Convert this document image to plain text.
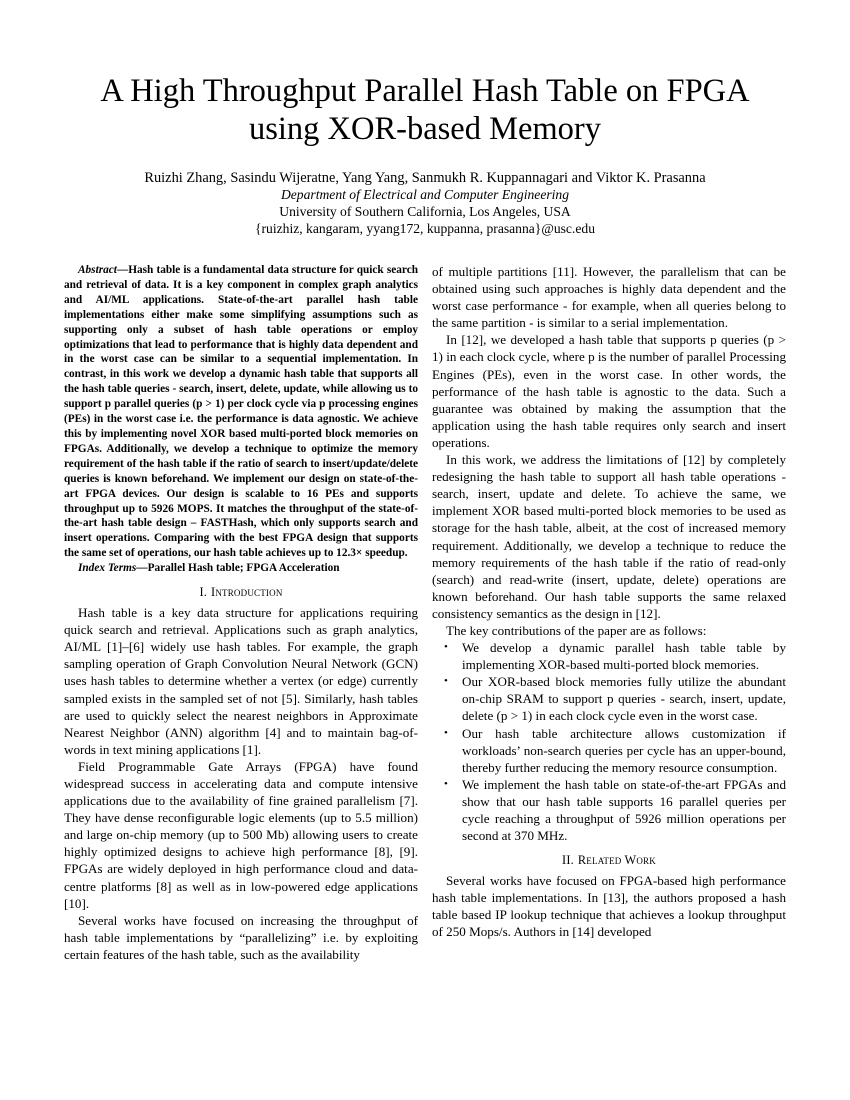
A High Throughput Parallel Hash Table on FPGA
using XOR-based Memory

Ruizhi Zhang, Sasindu Wijeratne, Yang Yang, Sanmukh R. Kuppannagari and Viktor K. Prasanna

Department of Electrical and Computer Engineering

University of Southern California, Los Angeles, USA

{ruizhiz, kangaram, yyang172, kuppanna, prasanna}@usc.edu

Abstract—Hash table is a fundamental data structure for quick search and retrieval of data. It is a key component in complex graph analytics and AI/ML applications. State-of-the-art parallel hash table implementations either make some simplifying assumptions such as supporting only a subset of hash table operations or employ optimizations that lead to performance that is highly data dependent and in the worst case can be similar to a sequential implementation. In contrast, in this work we develop a dynamic hash table that supports all the hash table queries - search, insert, delete, update, while allowing us to support p parallel queries (p > 1) per clock cycle via p processing engines (PEs) in the worst case i.e. the performance is data agnostic. We achieve this by implementing novel XOR based multi-ported block memories on FPGAs. Additionally, we develop a technique to optimize the memory requirement of the hash table if the ratio of search to insert/update/delete queries is known beforehand. We implement our design on state-of-the-art FPGA devices. Our design is scalable to 16 PEs and supports throughput up to 5926 MOPS. It matches the throughput of the state-of-the-art hash table design – FASTHash, which only supports search and insert operations. Comparing with the best FPGA design that supports the same set of operations, our hash table achieves up to 12.3× speedup.

Index Terms—Parallel Hash table; FPGA Acceleration

I. Introduction

Hash table is a key data structure for applications requiring quick search and retrieval. Applications such as graph analytics, AI/ML [1]–[6] widely use hash tables. For example, the graph sampling operation of Graph Convolution Neural Network (GCN) uses hash tables to determine whether a vertex (or edge) currently sampled exists in the sampled set of not [5]. Similarly, hash tables are used to quickly select the nearest neighbors in Approximate Nearest Neighbor (ANN) algorithm [4] and to maintain bag-of-words in text mining applications [1].

Field Programmable Gate Arrays (FPGA) have found widespread success in accelerating data and compute intensive applications due to the availability of fine grained parallelism [7]. They have dense reconfigurable logic elements (up to 5.5 million) and large on-chip memory (up to 500 Mb) allowing users to create highly optimized designs to achieve high performance [8], [9]. FPGAs are widely deployed in high performance cloud and data-centre platforms [8] as well as in low-powered edge applications [10].

Several works have focused on increasing the throughput of hash table implementations by “parallelizing” i.e. by exploiting certain features of the hash table, such as the availability

of multiple partitions [11]. However, the parallelism that can be obtained using such approaches is highly data dependent and the worst case performance - for example, when all queries belong to the same partition - is similar to a serial implementation.

In [12], we developed a hash table that supports p queries (p > 1) in each clock cycle, where p is the number of parallel Processing Engines (PEs), even in the worst case. In other words, the performance of the hash table is agnostic to the data. Such a guarantee was obtained by making the assumption that the application using the hash table requires only search and insert operations.

In this work, we address the limitations of [12] by completely redesigning the hash table to support all hash table operations - search, insert, update and delete. To achieve the same, we implement XOR based multi-ported block memories to be used as storage for the hash table, albeit, at the cost of increased memory requirement. Additionally, we develop a technique to reduce the memory requirements of the hash table if the ratio of read-only (search) and read-write (insert, update, delete) operations are known beforehand. Our hash table supports the same relaxed consistency semantics as the design in [12].

The key contributions of the paper are as follows:

• We develop a dynamic parallel hash table table by implementing XOR-based multi-ported block memories.
• Our XOR-based block memories fully utilize the abundant on-chip SRAM to support p queries - search, insert, update, delete (p > 1) in each clock cycle even in the worst case.
• Our hash table architecture allows customization if workloads’ non-search queries per cycle has an upper-bound, thereby further reducing the memory resource consumption.
• We implement the hash table on state-of-the-art FPGAs and show that our hash table supports 16 parallel queries per cycle reaching a throughput of 5926 million operations per second at 370 MHz.
II. Related Work

Several works have focused on FPGA-based high performance hash table implementations. In [13], the authors proposed a hash table based IP lookup technique that achieves a lookup throughput of 250 Mops/s. Authors in [14] developed
